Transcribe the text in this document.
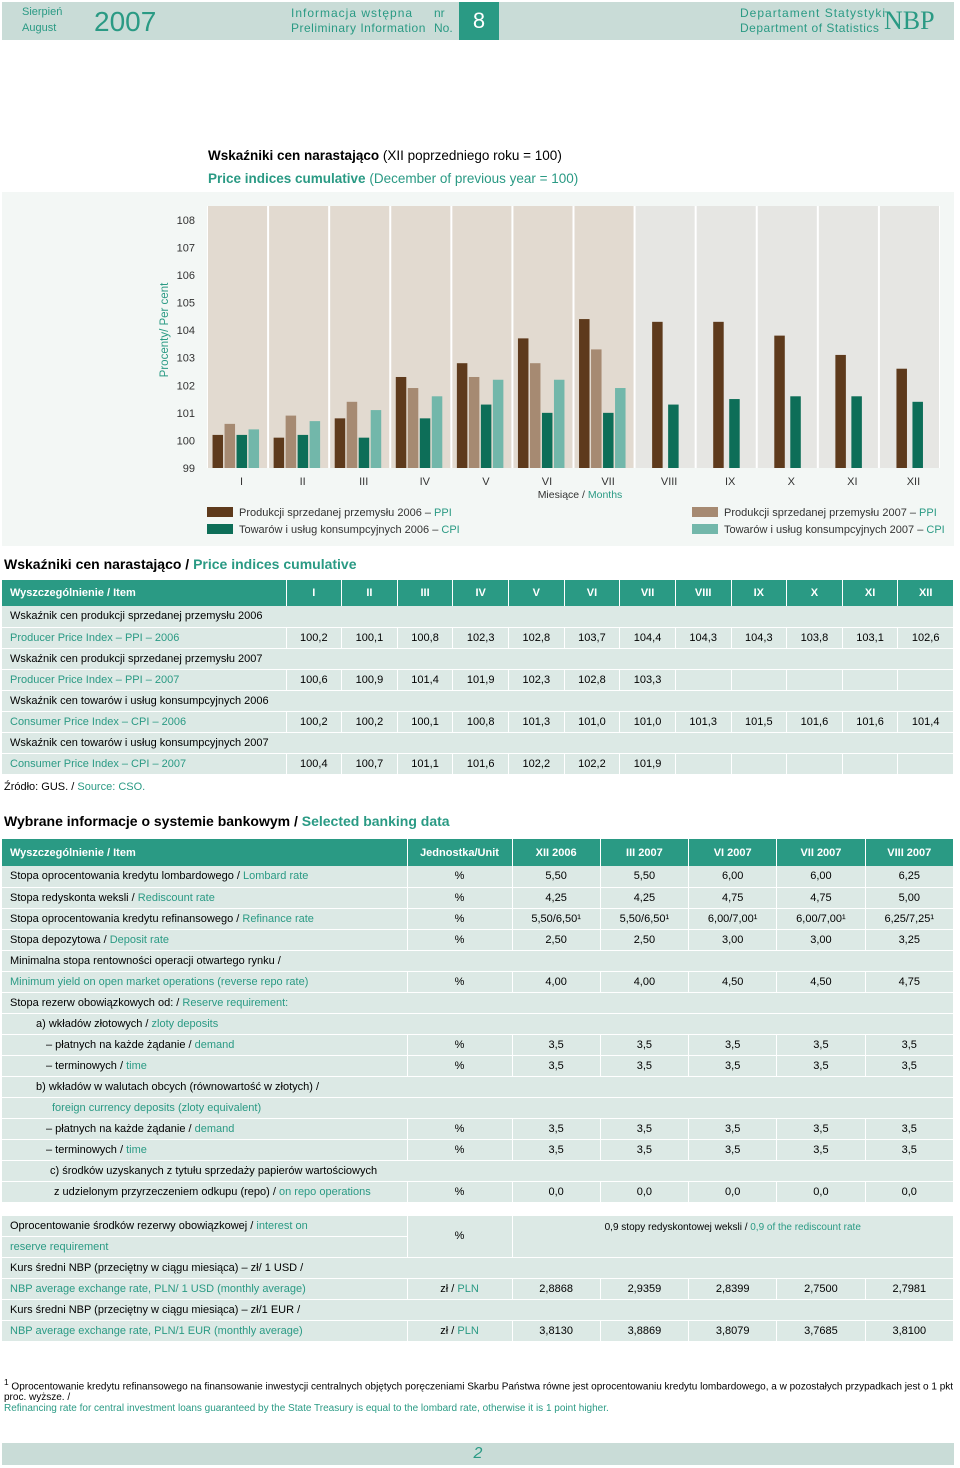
Sierpień
August 2007	Informacja wstępna
Preliminary Information
nr
No. 8	Departament Statystyki
Department of Statistics NBP
Wskaźniki cen narastająco (XII poprzedniego roku = 100)
Price indices cumulative (December of previous year = 100)
99
100
101
102
103
104
105
106
107
108
Procenty/ Per cent
I	II	III	IV	V	VI	VII	VIII	IX	X	XI	XII
Miesiące / Months
Produkcji sprzedanej przemysłu 2006 – PPI
Towarów i usług konsumpcyjnych 2006 – CPI
Produkcji sprzedanej przemysłu 2007 – PPI
Towarów i usług konsumpcyjnych 2007 – CPI
Wskaźniki cen narastająco / Price indices cumulative
Wyszczególnienie / Item	I	II	III	IV	V	VI	VII	VIII	IX	X	XI	XII
Wskaźnik cen produkcji sprzedanej przemysłu 2006												
Producer Price Index – PPI – 2006	100,2	100,1	100,8	102,3	102,8	103,7	104,4	104,3	104,3	103,8	103,1	102,6
Wskaźnik cen produkcji sprzedanej przemysłu 2007												
Producer Price Index – PPI – 2007	100,6	100,9	101,4	101,9	102,3	102,8	103,3					
Wskaźnik cen towarów i usług konsumpcyjnych 2006												
Consumer Price Index – CPI – 2006	100,2	100,2	100,1	100,8	101,3	101,0	101,0	101,3	101,5	101,6	101,6	101,4
Wskaźnik cen towarów i usług konsumpcyjnych 2007												
Consumer Price Index – CPI – 2007	100,4	100,7	101,1	101,6	102,2	102,2	101,9					
Źródło: GUS. / Source: CSO.
Wybrane informacje o systemie bankowym / Selected banking data
Wyszczególnienie / Item	Jednostka/Unit	XII 2006	III 2007	VI 2007	VII 2007	VIII 2007
Stopa oprocentowania kredytu lombardowego / Lombard rate	%	5,50	5,50	6,00	6,00	6,25
Stopa redyskonta weksli / Rediscount rate	%	4,25	4,25	4,75	4,75	5,00
Stopa oprocentowania kredytu refinansowego / Refinance rate	%	5,50/6,50¹	5,50/6,50¹	6,00/7,00¹	6,00/7,00¹	6,25/7,25¹
Stopa depozytowa / Deposit rate	%	2,50	2,50	3,00	3,00	3,25
Minimalna stopa rentowności operacji otwartego rynku /						
Minimum yield on open market operations (reverse repo rate)	%	4,00	4,00	4,50	4,50	4,75
Stopa rezerw obowiązkowych od: / Reserve requirement:						
a) wkładów złotowych / zloty deposits						
– płatnych na każde żądanie / demand	%	3,5	3,5	3,5	3,5	3,5
– terminowych / time	%	3,5	3,5	3,5	3,5	3,5
b) wkładów w walutach obcych (równowartość w złotych) /						
foreign currency deposits (zloty equivalent)						
– płatnych na każde żądanie / demand	%	3,5	3,5	3,5	3,5	3,5
– terminowych / time	%	3,5	3,5	3,5	3,5	3,5
c) środków uzyskanych z tytułu sprzedaży papierów wartościowych						
z udzielonym przyrzeczeniem odkupu (repo) / on repo operations	%	0,0	0,0	0,0	0,0	0,0

Oprocentowanie środków rezerwy obowiązkowej / interest on	%	0,9 stopy redyskontowej weksli / 0,9 of the rediscount rate				
reserve requirement						
Kurs średni NBP (przeciętny w ciągu miesiąca) – zł/ 1 USD /						
NBP average exchange rate, PLN/ 1 USD (monthly average)	zł / PLN	2,8868	2,9359	2,8399	2,7500	2,7981
Kurs średni NBP (przeciętny w ciągu miesiąca) – zł/1 EUR /						
NBP average exchange rate, PLN/1 EUR (monthly average)	zł / PLN	3,8130	3,8869	3,8079	3,7685	3,8100
$^1$ Oprocentowanie kredytu refinansowego na finansowanie inwestycji centralnych objętych poręczeniami Skarbu Państwa równe jest oprocentowaniu kredytu lombardowego, a w pozostałych przypadkach jest o 1 pkt proc. wyższe. /
Refinancing rate for central investment loans guaranteed by the State Treasury is equal to the lombard rate, otherwise it is 1 point higher.
2
